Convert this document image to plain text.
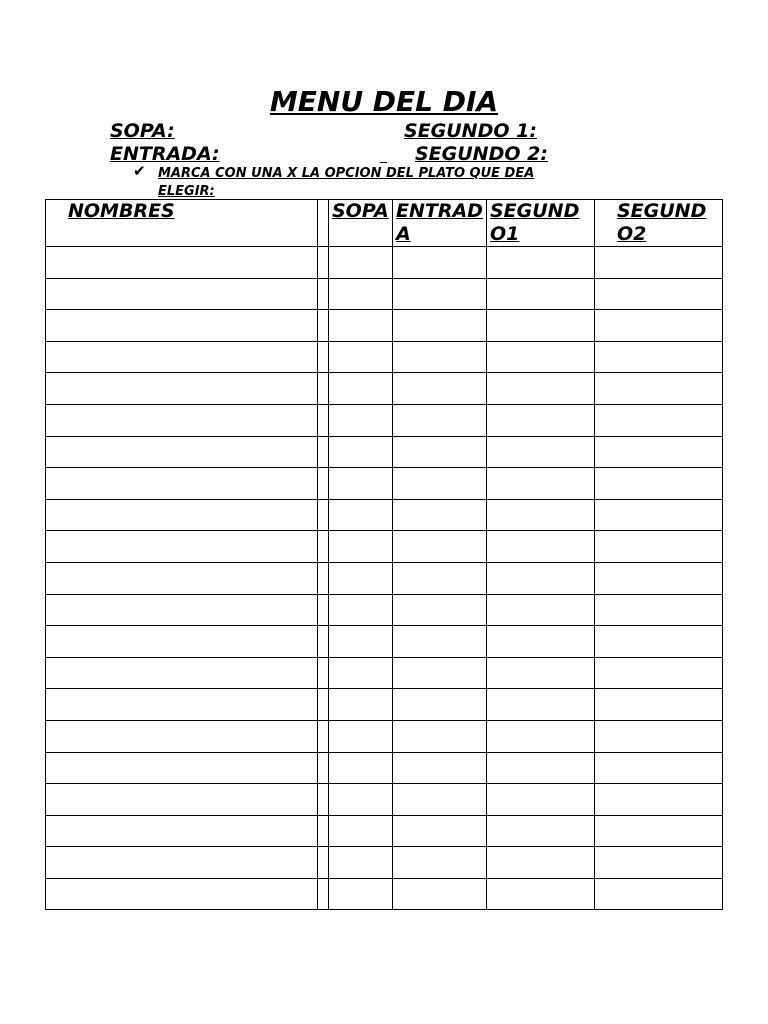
MENU DEL DIA
SOPA:	SEGUNDO 1:
ENTRADA:	SEGUNDO 2:
✔ MARCA CON UNA X LA OPCION DEL PLATO QUE DEA
ELEGIR:
NOMBRES		SOPA	ENTRADA	SEGUNDO1	SEGUNDO2
